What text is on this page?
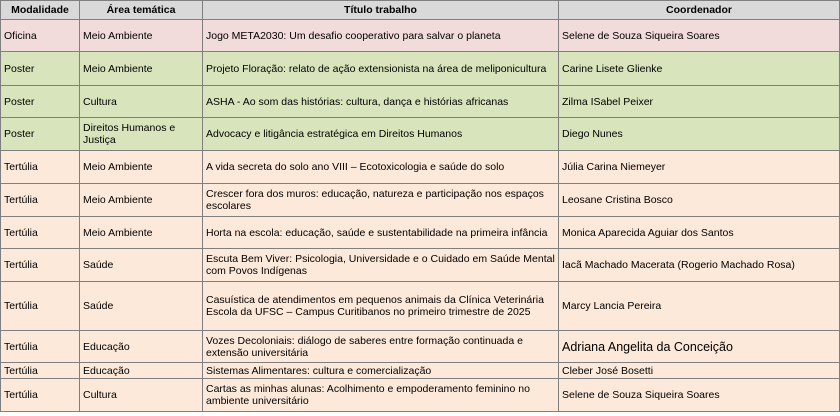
Modalidade	Área temática	Título trabalho	Coordenador
Oficina	Meio Ambiente	Jogo META2030: Um desafio cooperativo para salvar o planeta	Selene de Souza Siqueira Soares
Poster	Meio Ambiente	Projeto Floração: relato de ação extensionista na área de meliponicultura	Carine Lisete Glienke
Poster	Cultura	ASHA - Ao som das histórias: cultura, dança e histórias africanas	Zilma ISabel Peixer
Poster	Direitos Humanos e Justiça	Advocacy e litigância estratégica em Direitos Humanos	Diego Nunes
Tertúlia	Meio Ambiente	A vida secreta do solo ano VIII – Ecotoxicologia e saúde do solo	Júlia Carina Niemeyer
Tertúlia	Meio Ambiente	Crescer fora dos muros: educação, natureza e participação nos espaços escolares	Leosane Cristina Bosco
Tertúlia	Meio Ambiente	Horta na escola: educação, saúde e sustentabilidade na primeira infância	Monica Aparecida Aguiar dos Santos
Tertúlia	Saúde	Escuta Bem Viver: Psicologia, Universidade e o Cuidado em Saúde Mental com Povos Indígenas	Iacã Machado Macerata (Rogerio Machado Rosa)
Tertúlia	Saúde	Casuística de atendimentos em pequenos animais da Clínica Veterinária Escola da UFSC – Campus Curitibanos no primeiro trimestre de 2025	Marcy Lancia Pereira
Tertúlia	Educação	Vozes Decoloniais: diálogo de saberes entre formação continuada e extensão universitária	Adriana Angelita da Conceição
Tertúlia	Educação	Sistemas Alimentares: cultura e comercialização	Cleber José Bosetti
Tertúlia	Cultura	Cartas as minhas alunas: Acolhimento e empoderamento feminino no ambiente universitário	Selene de Souza Siqueira Soares
